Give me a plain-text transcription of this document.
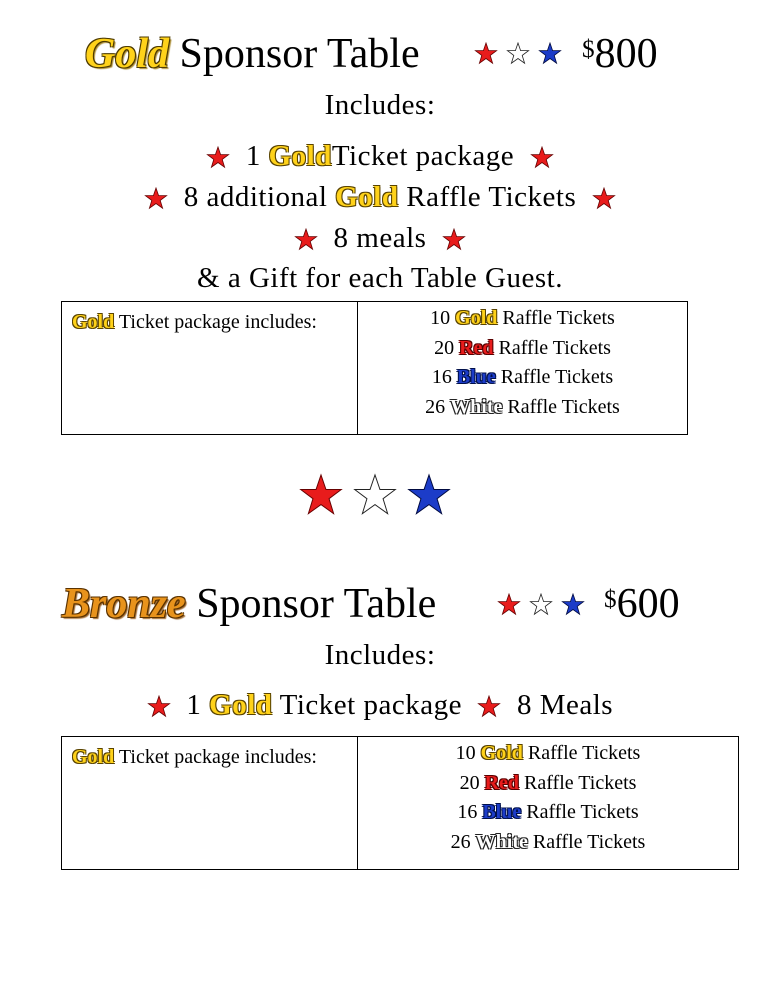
Gold Sponsor Table

	$800
Includes:
1 GoldTicket package
8 additional Gold Raffle Tickets
8 meals
& a Gift for each Table Guest.
Gold Ticket package includes:	10 Gold Raffle Tickets
20 Red Raffle Tickets
16 Blue Raffle Tickets
26 White Raffle Tickets

Bronze Sponsor Table

	$600
Includes:
1 Gold Ticket package 8 Meals
Gold Ticket package includes:	10 Gold Raffle Tickets
20 Red Raffle Tickets
16 Blue Raffle Tickets
26 White Raffle Tickets
